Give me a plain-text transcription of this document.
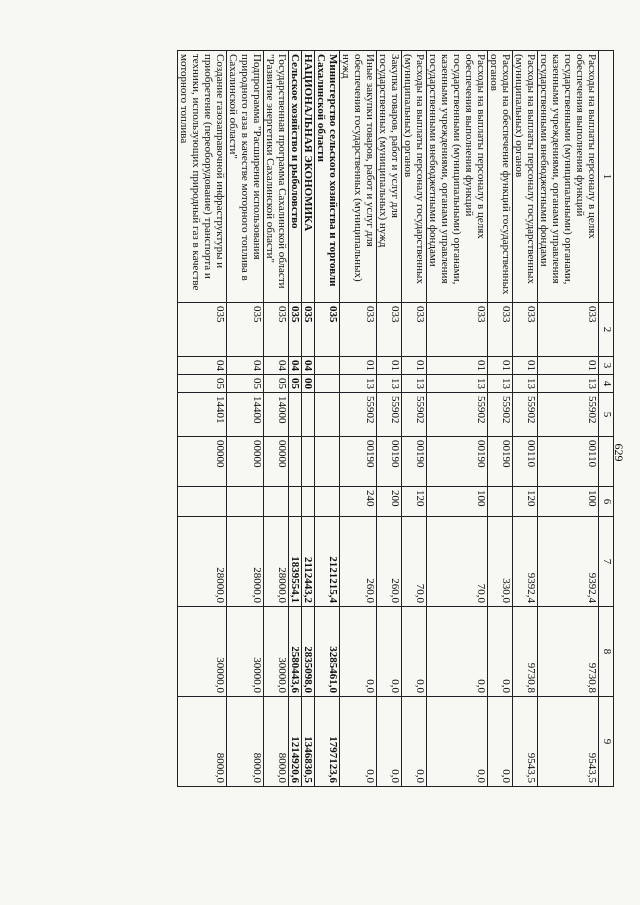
629
1	2	3	4	5		6	7	8	9
Расходы на выплаты персоналу в целях обеспечения выполнения функций государственными (муниципальными) органами, казенными учреждениями, органами управления государственными внебюджетными фондами	033	01	13	55902	00110	100	9392,4	9730,8	9543,5
Расходы на выплаты персоналу государственных (муниципальных) органов	033	01	13	55902	00110	120	9392,4	9730,8	9543,5
Расходы на обеспечение функций государственных органов	033	01	13	55902	00190		330,0	0,0	0,0
Расходы на выплаты персоналу в целях обеспечения выполнения функций государственными (муниципальными) органами, казенными учреждениями, органами управления государственными внебюджетными фондами	033	01	13	55902	00190	100	70,0	0,0	0,0
Расходы на выплаты персоналу государственных (муниципальных) органов	033	01	13	55902	00190	120	70,0	0,0	0,0
Закупка товаров, работ и услуг для государственных (муниципальных) нужд	033	01	13	55902	00190	200	260,0	0,0	0,0
Иные закупки товаров, работ и услуг для обеспечения государственных (муниципальных) нужд	033	01	13	55902	00190	240	260,0	0,0	0,0
Министерство сельского хозяйства и торговли Сахалинской области	035						2121215,4	3285461,0	1797123,6
НАЦИОНАЛЬНАЯ ЭКОНОМИКА	035	04	00				2112443,2	2835098,0	1346830,5
Сельское хозяйство и рыболовство	035	04	05				1839554,1	2580443,6	1214920,6
Государственная программа Сахалинской области "Развитие энергетики Сахалинской области"	035	04	05	14000	00000		28000,0	30000,0	8000,0
Подпрограмма "Расширение использования природного газа в качестве моторного топлива в Сахалинской области"	035	04	05	14400	00000		28000,0	30000,0	8000,0
Создание газозаправочной инфраструктуры и приобретение (переоборудование) транспорта и техники, использующих природный газ в качестве моторного топлива	035	04	05	14401	00000		28000,0	30000,0	8000,0
